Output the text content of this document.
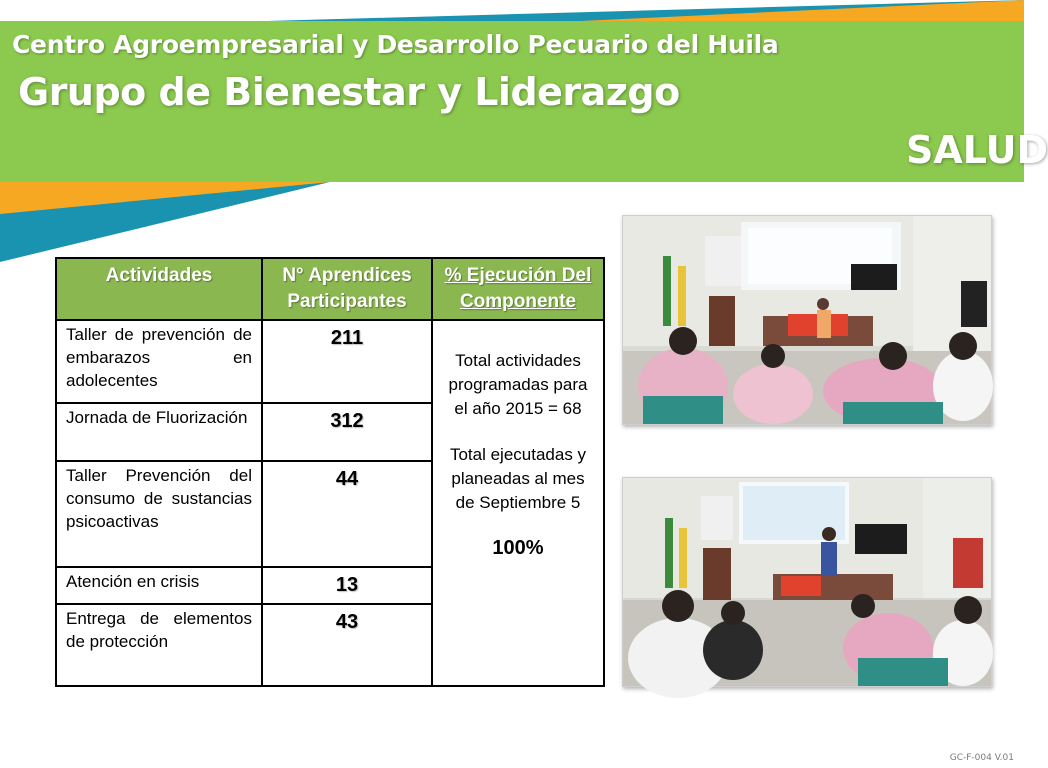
Centro Agroempresarial y Desarrollo Pecuario del Huila
Grupo de Bienestar y Liderazgo
SALUD
Actividades	N° Aprendices Participantes	% Ejecución Del Componente
Taller de prevención de embarazos en adolecentes	211	Total actividades programadas para el año 2015 = 68

Total ejecutadas y planeadas al mes de Septiembre 5

100%

Jornada de Fluorización	312	
Taller Prevención del consumo de sustancias psicoactivas	44	
Atención en crisis	13	
Entrega de elementos de protección	43	

GC-F-004 V.01
